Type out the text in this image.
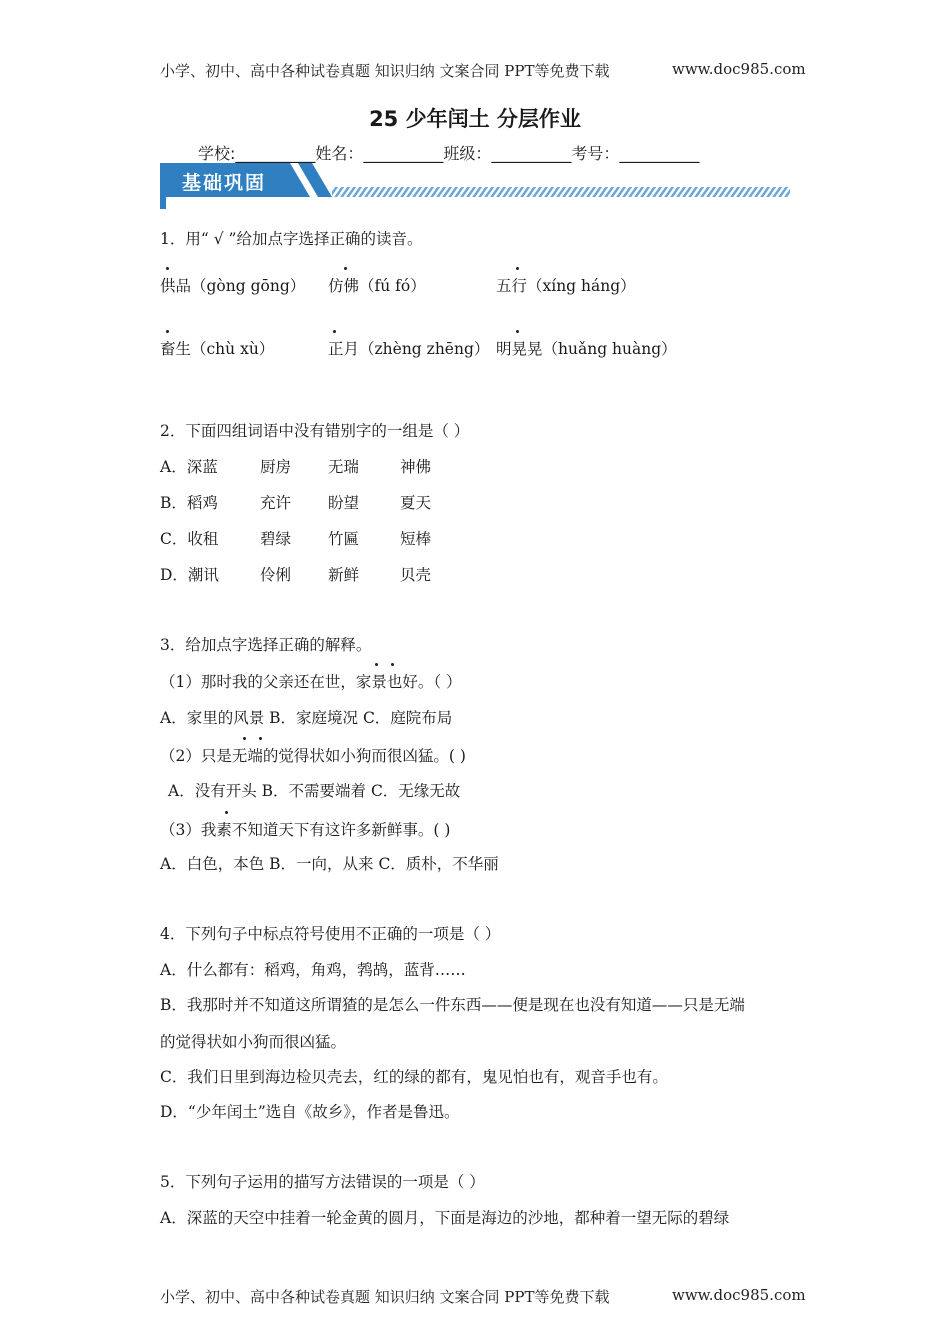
小学、初中、高中各种试卷真题 知识归纳 文案合同 PPT等免费下载	www.doc985.com
25 少年闰土 分层作业
学校:__________姓名：__________班级：__________考号：__________
基础巩固
1．用“ √ ”给加点字选择正确的读音。
供品（gòng gōng） 仿佛（fú fó）	五行（xíng háng）
畜生（chù xù）	正月（zhèng zhēng） 明晃晃（huǎng huàng）
2．下面四组词语中没有错别字的一组是（ ）
A．深蓝	厨房 无瑞	神佛
B．稻鸡	充许 盼望	夏天
C．收租	碧绿 竹匾	短棒
D．潮讯	伶俐 新鲜	贝壳
3．给加点字选择正确的解释。
（1）那时我的父亲还在世，家景也好。（ ）
A．家里的风景 B．家庭境况 C．庭院布局
（2）只是无端的觉得状如小狗而很凶猛。( )
A．没有开头 B．不需要端着 C．无缘无故
（3）我素不知道天下有这许多新鲜事。( )
A．白色，本色 B．一向，从来 C．质朴，不华丽
4．下列句子中标点符号使用不正确的一项是（ ）
A．什么都有：稻鸡，角鸡，鹁鸪，蓝背……
B．我那时并不知道这所谓猹的是怎么一件东西——便是现在也没有知道——只是无端
的觉得状如小狗而很凶猛。
C．我们日里到海边检贝壳去，红的绿的都有，鬼见怕也有，观音手也有。
D．“少年闰土”选自《故乡》，作者是鲁迅。
5．下列句子运用的描写方法错误的一项是（ ）
A．深蓝的天空中挂着一轮金黄的圆月，下面是海边的沙地，都种着一望无际的碧绿
小学、初中、高中各种试卷真题 知识归纳 文案合同 PPT等免费下载	www.doc985.com
